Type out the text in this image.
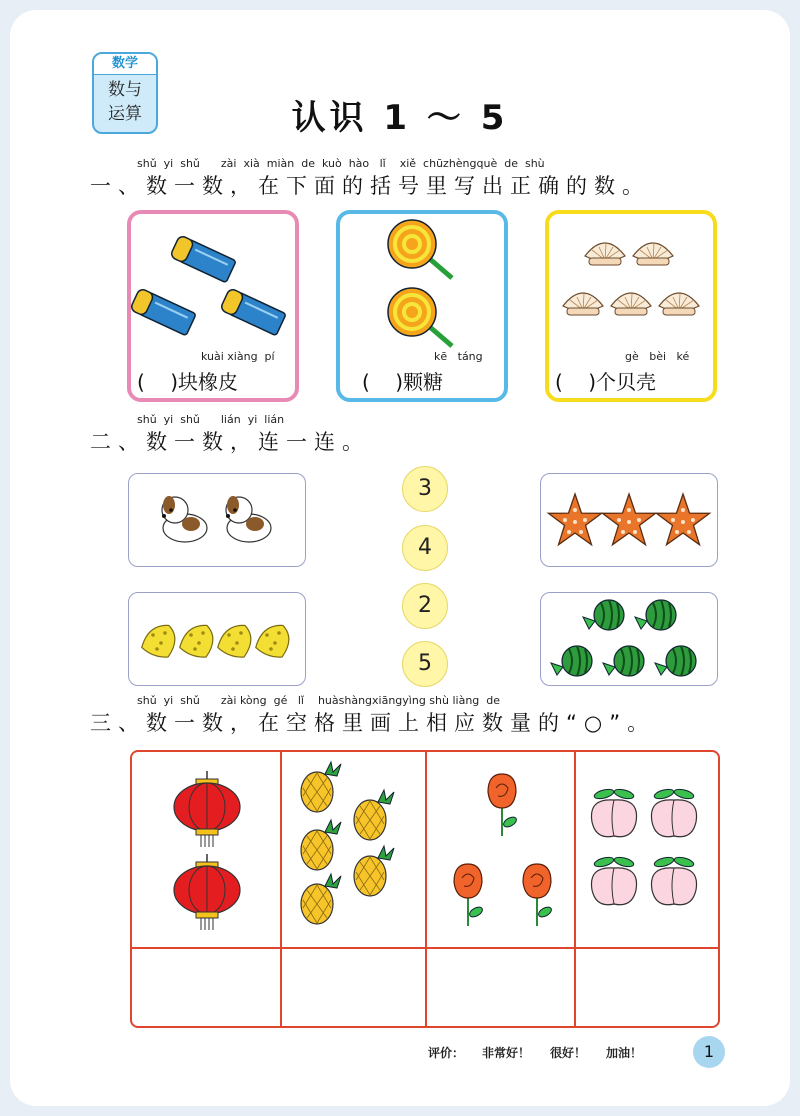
数学
数与
运算	认识 1 ～ 5
shǔ  yi  shǔ      zài  xià  miàn  de  kuò  hào   lǐ    xiě  chūzhèngquè  de  shù
一、数一数，在下面的括号里写出正确的数。
kuài xiàng  pí
(    )块橡皮
kē   táng
(    )颗糖
gè   bèi   ké
(    )个贝壳
shǔ  yi  shǔ      lián  yi  lián
二、数一数，连一连。
3
4
2
5
shǔ  yi  shǔ      zài kòng  gé   lǐ    huàshàngxiāngyìng shù liàng  de
三、数一数，在空格里画上相应数量的“○”。
评价： 非常好！ 很好！ 加油！	1
